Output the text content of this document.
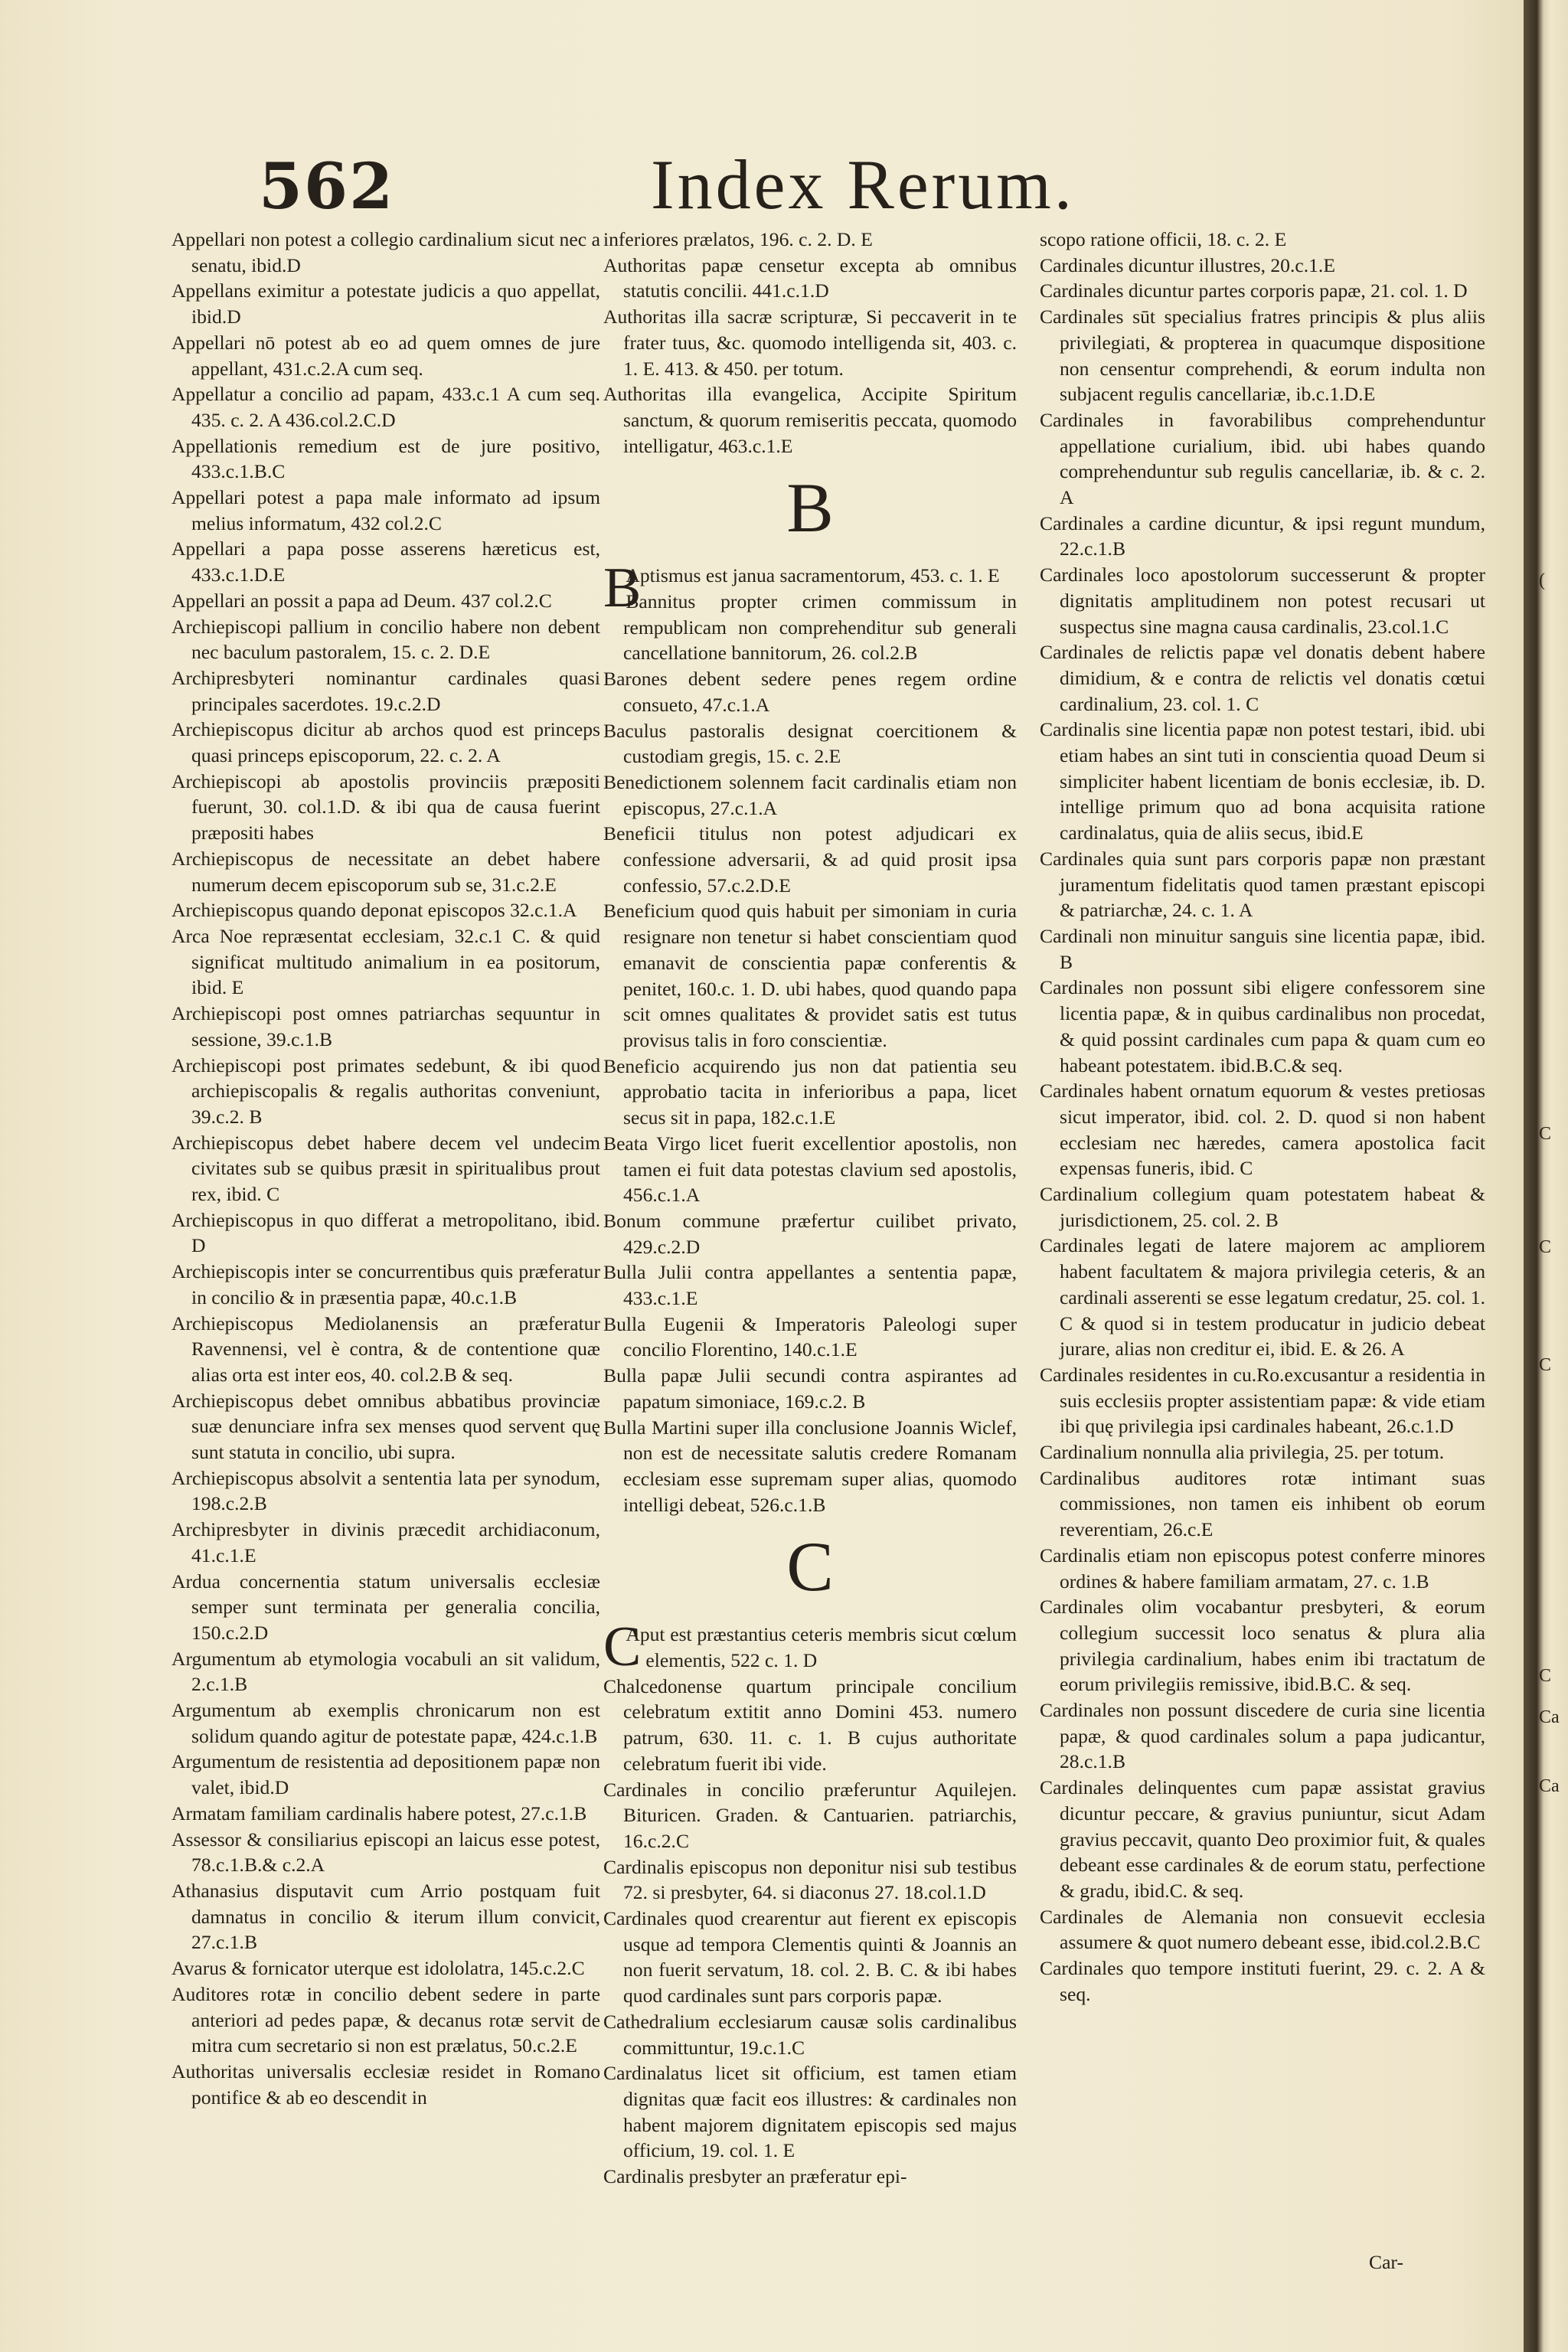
562	Index Rerum.

Appellari non potest a collegio cardinalium sicut nec a senatu, ibid.D

Appellans eximitur a potestate judicis a quo appellat, ibid.D

Appellari nō potest ab eo ad quem omnes de jure appellant, 431.c.2.A cum seq.

Appellatur a concilio ad papam, 433.c.1 A cum seq. 435. c. 2. A 436.col.2.C.D

Appellationis remedium est de jure positivo, 433.c.1.B.C

Appellari potest a papa male informato ad ipsum melius informatum, 432 col.2.C

Appellari a papa posse asserens hæreticus est, 433.c.1.D.E

Appellari an possit a papa ad Deum. 437 col.2.C

Archiepiscopi pallium in concilio habere non debent nec baculum pastoralem, 15. c. 2. D.E

Archipresbyteri nominantur cardinales quasi principales sacerdotes. 19.c.2.D

Archiepiscopus dicitur ab archos quod est princeps quasi princeps episcoporum, 22. c. 2. A

Archiepiscopi ab apostolis provinciis præpositi fuerunt, 30. col.1.D. & ibi qua de causa fuerint præpositi habes

Archiepiscopus de necessitate an debet habere numerum decem episcoporum sub se, 31.c.2.E

Archiepiscopus quando deponat episcopos 32.c.1.A

Arca Noe repræsentat ecclesiam, 32.c.1 C. & quid significat multitudo animalium in ea positorum, ibid. E

Archiepiscopi post omnes patriarchas sequuntur in sessione, 39.c.1.B

Archiepiscopi post primates sedebunt, & ibi quod archiepiscopalis & regalis authoritas conveniunt, 39.c.2. B

Archiepiscopus debet habere decem vel undecim civitates sub se quibus præsit in spiritualibus prout rex, ibid. C

Archiepiscopus in quo differat a metropolitano, ibid. D

Archiepiscopis inter se concurrentibus quis præferatur in concilio & in præsentia papæ, 40.c.1.B

Archiepiscopus Mediolanensis an præferatur Ravennensi, vel è contra, & de contentione quæ alias orta est inter eos, 40. col.2.B & seq.

Archiepiscopus debet omnibus abbatibus provinciæ suæ denunciare infra sex menses quod servent quę sunt statuta in concilio, ubi supra.

Archiepiscopus absolvit a sententia lata per synodum, 198.c.2.B

Archipresbyter in divinis præcedit archidiaconum, 41.c.1.E

Ardua concernentia statum universalis ecclesiæ semper sunt terminata per generalia concilia, 150.c.2.D

Argumentum ab etymologia vocabuli an sit validum, 2.c.1.B

Argumentum ab exemplis chronicarum non est solidum quando agitur de potestate papæ, 424.c.1.B

Argumentum de resistentia ad depositionem papæ non valet, ibid.D

Armatam familiam cardinalis habere potest, 27.c.1.B

Assessor & consiliarius episcopi an laicus esse potest, 78.c.1.B.& c.2.A

Athanasius disputavit cum Arrio postquam fuit damnatus in concilio & iterum illum convicit, 27.c.1.B

Avarus & fornicator uterque est idololatra, 145.c.2.C

Auditores rotæ in concilio debent sedere in parte anteriori ad pedes papæ, & decanus rotæ servit de mitra cum secretario si non est prælatus, 50.c.2.E

Authoritas universalis ecclesiæ residet in Romano pontifice & ab eo descendit in

inferiores prælatos, 196. c. 2. D. E

Authoritas papæ censetur excepta ab omnibus statutis concilii. 441.c.1.D

Authoritas illa sacræ scripturæ, Si peccaverit in te frater tuus, &c. quomodo intelligenda sit, 403. c. 1. E. 413. & 450. per totum.

Authoritas illa evangelica, Accipite Spiritum sanctum, & quorum remiseritis peccata, quomodo intelligatur, 463.c.1.E

B

BAptismus est janua sacramentorum, 453. c. 1. E

Bannitus propter crimen commissum in rempublicam non comprehenditur sub generali cancellatione bannitorum, 26. col.2.B

Barones debent sedere penes regem ordine consueto, 47.c.1.A

Baculus pastoralis designat coercitionem & custodiam gregis, 15. c. 2.E

Benedictionem solennem facit cardinalis etiam non episcopus, 27.c.1.A

Beneficii titulus non potest adjudicari ex confessione adversarii, & ad quid prosit ipsa confessio, 57.c.2.D.E

Beneficium quod quis habuit per simoniam in curia resignare non tenetur si habet conscientiam quod emanavit de conscientia papæ conferentis & penitet, 160.c. 1. D. ubi habes, quod quando papa scit omnes qualitates & providet satis est tutus provisus talis in foro conscientiæ.

Beneficio acquirendo jus non dat patientia seu approbatio tacita in inferioribus a papa, licet secus sit in papa, 182.c.1.E

Beata Virgo licet fuerit excellentior apostolis, non tamen ei fuit data potestas clavium sed apostolis, 456.c.1.A

Bonum commune præfertur cuilibet privato, 429.c.2.D

Bulla Julii contra appellantes a sententia papæ, 433.c.1.E

Bulla Eugenii & Imperatoris Paleologi super concilio Florentino, 140.c.1.E

Bulla papæ Julii secundi contra aspirantes ad papatum simoniace, 169.c.2. B

Bulla Martini super illa conclusione Joannis Wiclef, non est de necessitate salutis credere Romanam ecclesiam esse supremam super alias, quomodo intelligi debeat, 526.c.1.B

C

CAput est præstantius ceteris membris sicut cœlum elementis, 522 c. 1. D

Chalcedonense quartum principale concilium celebratum extitit anno Domini 453. numero patrum, 630. 11. c. 1. B cujus authoritate celebratum fuerit ibi vide.

Cardinales in concilio præferuntur Aquilejen. Bituricen. Graden. & Cantuarien. patriarchis, 16.c.2.C

Cardinalis episcopus non deponitur nisi sub testibus 72. si presbyter, 64. si diaconus 27. 18.col.1.D

Cardinales quod crearentur aut fierent ex episcopis usque ad tempora Clementis quinti & Joannis an non fuerit servatum, 18. col. 2. B. C. & ibi habes quod cardinales sunt pars corporis papæ.

Cathedralium ecclesiarum causæ solis cardinalibus committuntur, 19.c.1.C

Cardinalatus licet sit officium, est tamen etiam dignitas quæ facit eos illustres: & cardinales non habent majorem dignitatem episcopis sed majus officium, 19. col. 1. E

Cardinalis presbyter an præferatur epi-

scopo ratione officii, 18. c. 2. E

Cardinales dicuntur illustres, 20.c.1.E

Cardinales dicuntur partes corporis papæ, 21. col. 1. D

Cardinales sūt specialius fratres principis & plus aliis privilegiati, & propterea in quacumque dispositione non censentur comprehendi, & eorum indulta non subjacent regulis cancellariæ, ib.c.1.D.E

Cardinales in favorabilibus comprehenduntur appellatione curialium, ibid. ubi habes quando comprehenduntur sub regulis cancellariæ, ib. & c. 2. A

Cardinales a cardine dicuntur, & ipsi regunt mundum, 22.c.1.B

Cardinales loco apostolorum successerunt & propter dignitatis amplitudinem non potest recusari ut suspectus sine magna causa cardinalis, 23.col.1.C

Cardinales de relictis papæ vel donatis debent habere dimidium, & e contra de relictis vel donatis cœtui cardinalium, 23. col. 1. C

Cardinalis sine licentia papæ non potest testari, ibid. ubi etiam habes an sint tuti in conscientia quoad Deum si simpliciter habent licentiam de bonis ecclesiæ, ib. D. intellige primum quo ad bona acquisita ratione cardinalatus, quia de aliis secus, ibid.E

Cardinales quia sunt pars corporis papæ non præstant juramentum fidelitatis quod tamen præstant episcopi & patriarchæ, 24. c. 1. A

Cardinali non minuitur sanguis sine licentia papæ, ibid. B

Cardinales non possunt sibi eligere confessorem sine licentia papæ, & in quibus cardinalibus non procedat, & quid possint cardinales cum papa & quam cum eo habeant potestatem. ibid.B.C.& seq.

Cardinales habent ornatum equorum & vestes pretiosas sicut imperator, ibid. col. 2. D. quod si non habent ecclesiam nec hæredes, camera apostolica facit expensas funeris, ibid. C

Cardinalium collegium quam potestatem habeat & jurisdictionem, 25. col. 2. B

Cardinales legati de latere majorem ac ampliorem habent facultatem & majora privilegia ceteris, & an cardinali asserenti se esse legatum credatur, 25. col. 1. C & quod si in testem producatur in judicio debeat jurare, alias non creditur ei, ibid. E. & 26. A

Cardinales residentes in cu.Ro.excusantur a residentia in suis ecclesiis propter assistentiam papæ: & vide etiam ibi quę privilegia ipsi cardinales habeant, 26.c.1.D

Cardinalium nonnulla alia privilegia, 25. per totum.

Cardinalibus auditores rotæ intimant suas commissiones, non tamen eis inhibent ob eorum reverentiam, 26.c.E

Cardinalis etiam non episcopus potest conferre minores ordines & habere familiam armatam, 27. c. 1.B

Cardinales olim vocabantur presbyteri, & eorum collegium successit loco senatus & plura alia privilegia cardinalium, habes enim ibi tractatum de eorum privilegiis remissive, ibid.B.C. & seq.

Cardinales non possunt discedere de curia sine licentia papæ, & quod cardinales solum a papa judicantur, 28.c.1.B

Cardinales delinquentes cum papæ assistat gravius dicuntur peccare, & gravius puniuntur, sicut Adam gravius peccavit, quanto Deo proximior fuit, & quales debeant esse cardinales & de eorum statu, perfectione & gradu, ibid.C. & seq.

Cardinales de Alemania non consuevit ecclesia assumere & quot numero debeant esse, ibid.col.2.B.C

Cardinales quo tempore instituti fuerint, 29. c. 2. A & seq.

Car-
(
C
C
C
C
Ca
Ca
